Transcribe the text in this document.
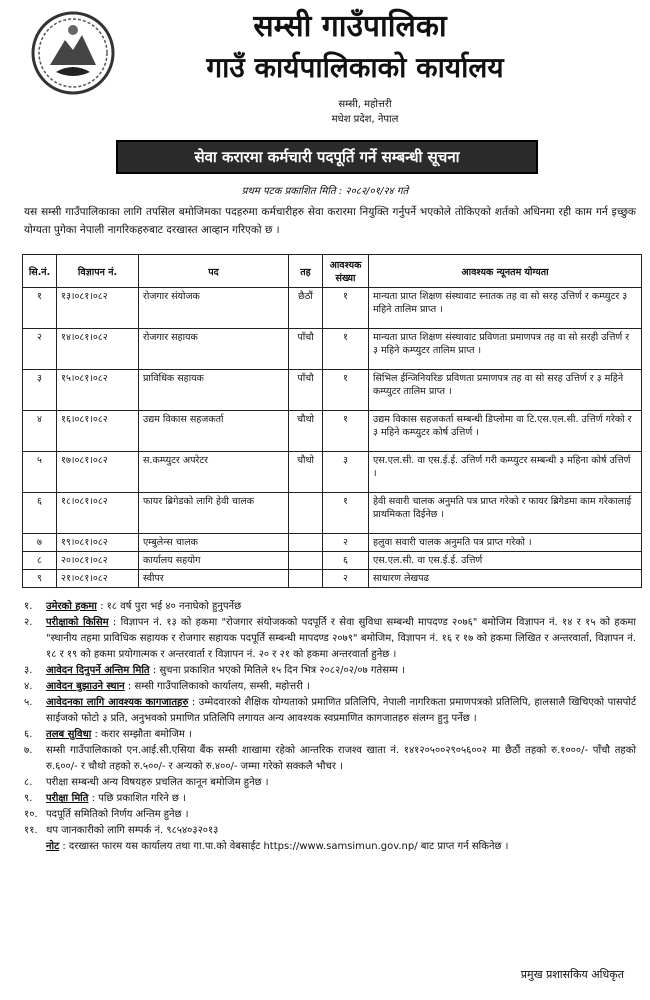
सम्सी गाउँपालिका
गाउँ कार्यपालिकाको कार्यालय
सम्सी, महोत्तरी
मधेश प्रदेश, नेपाल
सेवा करारमा कर्मचारी पदपूर्ति गर्ने सम्बन्धी सूचना
प्रथम पटक प्रकाशित मिति : २०८२/०१/२४ गते
यस सम्सी गाउँपालिकाका लागि तपसिल बमोजिमका पदहरुमा कर्मचारीहरु सेवा करारमा नियुक्ति गर्नुपर्ने भएकोले तोकिएको शर्तको अधिनमा रही काम गर्न इच्छुक योग्यता पुगेका नेपाली नागरिकहरुबाट दरखास्त आव्हान गरिएको छ ।
सि.नं.	विज्ञापन नं.	पद	तह	आवश्यक संख्या	आवश्यक न्यूनतम योग्यता
१	१३।०८१।०८२	रोजगार संयोजक	छैठौं	१	मान्यता प्राप्त शिक्षण संस्थावाट स्नातक तह वा सो सरह उत्तिर्ण र कम्प्युटर ३ महिने तालिम प्राप्त ।
२	१४।०८१।०८२	रोजगार सहायक	पाँचौ	१	मान्यता प्राप्त शिक्षण संस्थावाट प्रविणता प्रमाणपत्र तह वा सो सरही उत्तिर्ण र ३ महिने कम्प्युटर तालिम प्राप्त ।
३	१५।०८१।०८२	प्राविधिक सहायक	पाँचौ	१	सिभिल ईन्जिनियरिङ प्रविणता प्रमाणपत्र तह वा सो सरह उत्तिर्ण र ३ महिने कम्प्युटर तालिम प्राप्त ।
४	१६।०८१।०८२	उद्यम विकास सहजकर्ता	चौथो	१	उद्यम विकास सहजकर्ता सम्बन्धी डिप्लोमा वा टि.एस.एल.सी. उत्तिर्ण गरेको र ३ महिने कम्प्युटर कोर्ष उत्तिर्ण ।
५	१७।०८१।०८२	स.कम्प्युटर अपरेटर	चौथो	३	एस.एल.सी. वा एस.ई.ई. उत्तिर्ण गरी कम्प्युटर सम्बन्धी ३ महिना कोर्ष उत्तिर्ण ।
६	१८।०८१।०८२	फायर ब्रिगेडको लागि हेवी चालक		१	हेवी सवारी चालक अनुमति पत्र प्राप्त गरेको र फायर ब्रिगेडमा काम गरेकालाई प्राथमिकता दिईनेछ ।
७	१९।०८१।०८२	एम्बुलेन्स चालक		२	हलुवा सवारी चालक अनुमति पत्र प्राप्त गरेको ।
८	२०।०८१।०८२	कार्यालय सहयोग		६	एस.एल.सी. वा एस.ई.ई. उत्तिर्ण
९	२१।०८१।०८२	स्वीपर		२	साधारण लेखपढ
१.	उमेरको हकमा : १८ वर्ष पुरा भई ४० ननाघेको हुनुपर्नेछ
२.	परीक्षाको किसिम : विज्ञापन नं. १३ को हकमा "रोजगार संयोजकको पदपूर्ति र सेवा सुविधा सम्बन्धी मापदण्ड २०७६" बमोजिम विज्ञापन नं. १४ र १५ को हकमा "स्थानीय तहमा प्राविधिक सहायक र रोजगार सहायक पदपूर्ति सम्बन्धी मापदण्ड २०७९" बमोजिम, विज्ञापन नं. १६ र १७ को हकमा लिखित र अन्तरवार्ता, विज्ञापन नं. १८ र १९ को हकमा प्रयोगात्मक र अन्तरवार्ता र विज्ञापन नं. २० र २१ को हकमा अन्तरवार्ता हुनेछ ।
३.	आवेदन दिनुपर्ने अन्तिम मिति : सुचना प्रकाशित भएको मितिले १५ दिन भित्र २०८२/०२/०७ गतेसम्म ।
४.	आवेदन बुझाउने स्थान : सम्सी गाउँपालिकाको कार्यालय, सम्सी, महोत्तरी ।
५.	आवेदनका लागि आवश्यक कागजातहरु : उम्मेदवारको शैक्षिक योग्यताको प्रमाणित प्रतिलिपि, नेपाली नागरिकता प्रमाणपत्रको प्रतिलिपि, हालसालै खिचिएको पासपोर्ट साईजको फोटो ३ प्रति, अनुभवको प्रमाणित प्रतिलिपि लगायत अन्य आवश्यक स्वप्रमाणित कागजातहरु संलग्न हुनु पर्नेछ ।
६.	तलब सुविधा : करार सम्झौता बमोजिम ।
७.	सम्सी गाउँपालिकाको एन.आई.सी.एसिया बैंक सम्सी शाखामा रहेको आन्तरिक राजश्व खाता नं. १४१२०५००२९०५६००२ मा छैठौं तहको रु.१०००/- पाँचौ तहको रु.६००/- र चौथो तहको रु.५००/- र अन्यको रु.४००/- जम्मा गरेको सक्कलै भौचर ।
८.	परीक्षा सम्बन्धी अन्य विषयहरु प्रचलित कानून बमोजिम हुनेछ ।
९.	परीक्षा मिति : पछि प्रकाशित गरिने छ ।
१०. पदपूर्ति समितिको निर्णय अन्तिम हुनेछ ।
११. थप जानकारीको लागि सम्पर्क नं. ९८५४०३२०१३
नोट : दरखास्त फारम यस कार्यालय तथा गा.पा.को वेबसाईट https://www.samsimun.gov.np/ बाट प्राप्त गर्न सकिनेछ ।
प्रमुख प्रशासकिय अधिकृत
